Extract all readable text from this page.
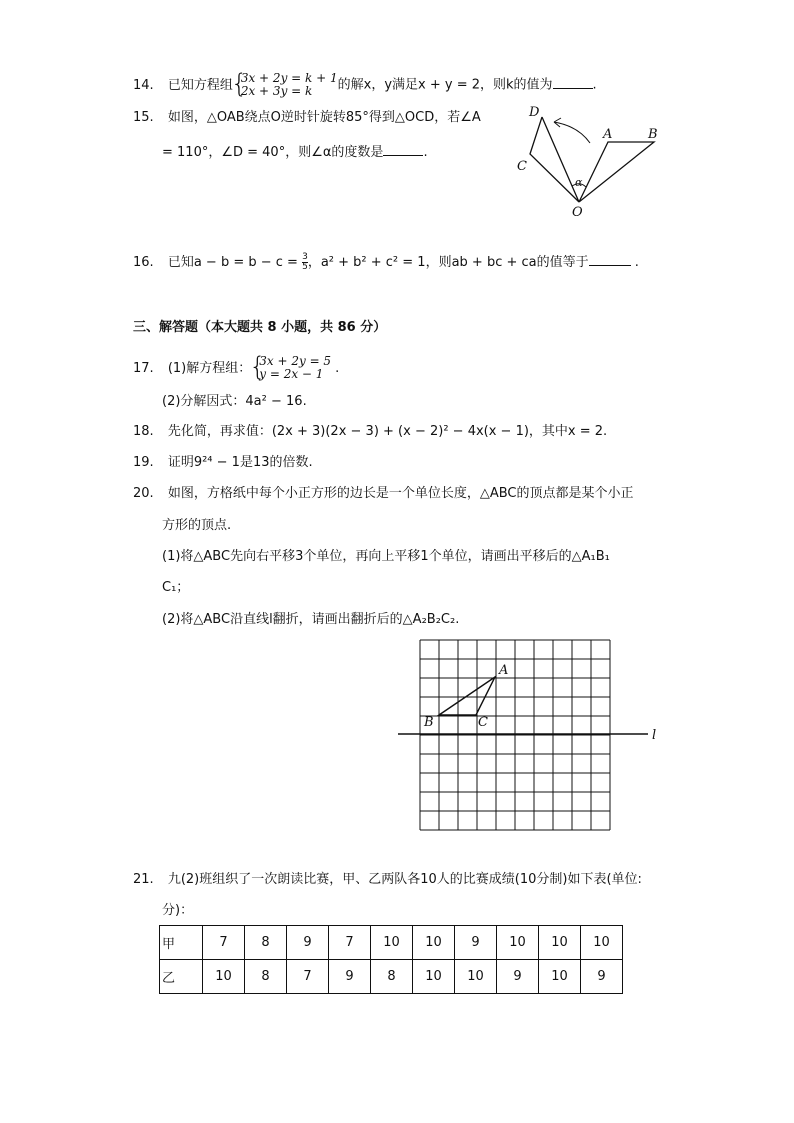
14. 已知方程组 { 3x + 2y = k + 1
2x + 3y = k 的解x，y满足x + y = 2，则k的值为	.
15. 如图，△OAB绕点O逆时针旋转85°得到△OCD，若∠A
= 110°，∠D = 40°，则∠α的度数是	.
D
A	B
C
O
α
16. 已知$a - b = b - c = \frac{3}{5}$ ，a² + b² + c² = 1，则ab + bc + ca的值等于	.
三、解答题（本大题共 8 小题，共 86 分）
17. (1)解方程组： { 3x + 2y = 5
y = 2x − 1 .
(2)分解因式：4a² − 16.
18. 先化简，再求值：(2x + 3)(2x − 3) + (x − 2)² − 4x(x − 1)，其中x = 2.
19. 证明9²⁴ − 1是13的倍数.
20. 如图，方格纸中每个小正方形的边长是一个单位长度，△ABC的顶点都是某个小正
方形的顶点.
(1)将△ABC先向右平移3个单位，再向上平移1个单位，请画出平移后的△A₁B₁
C₁；
(2)将△ABC沿直线l翻折，请画出翻折后的△A₂B₂C₂.
A
B	C
l
21. 九(2)班组织了一次朗读比赛，甲、乙两队各10人的比赛成绩(10分制)如下表(单位:
分)：
甲	7	8	9	7	10	10	9	10	10	10
乙	10	8	7	9	8	10	10	9	10	9
